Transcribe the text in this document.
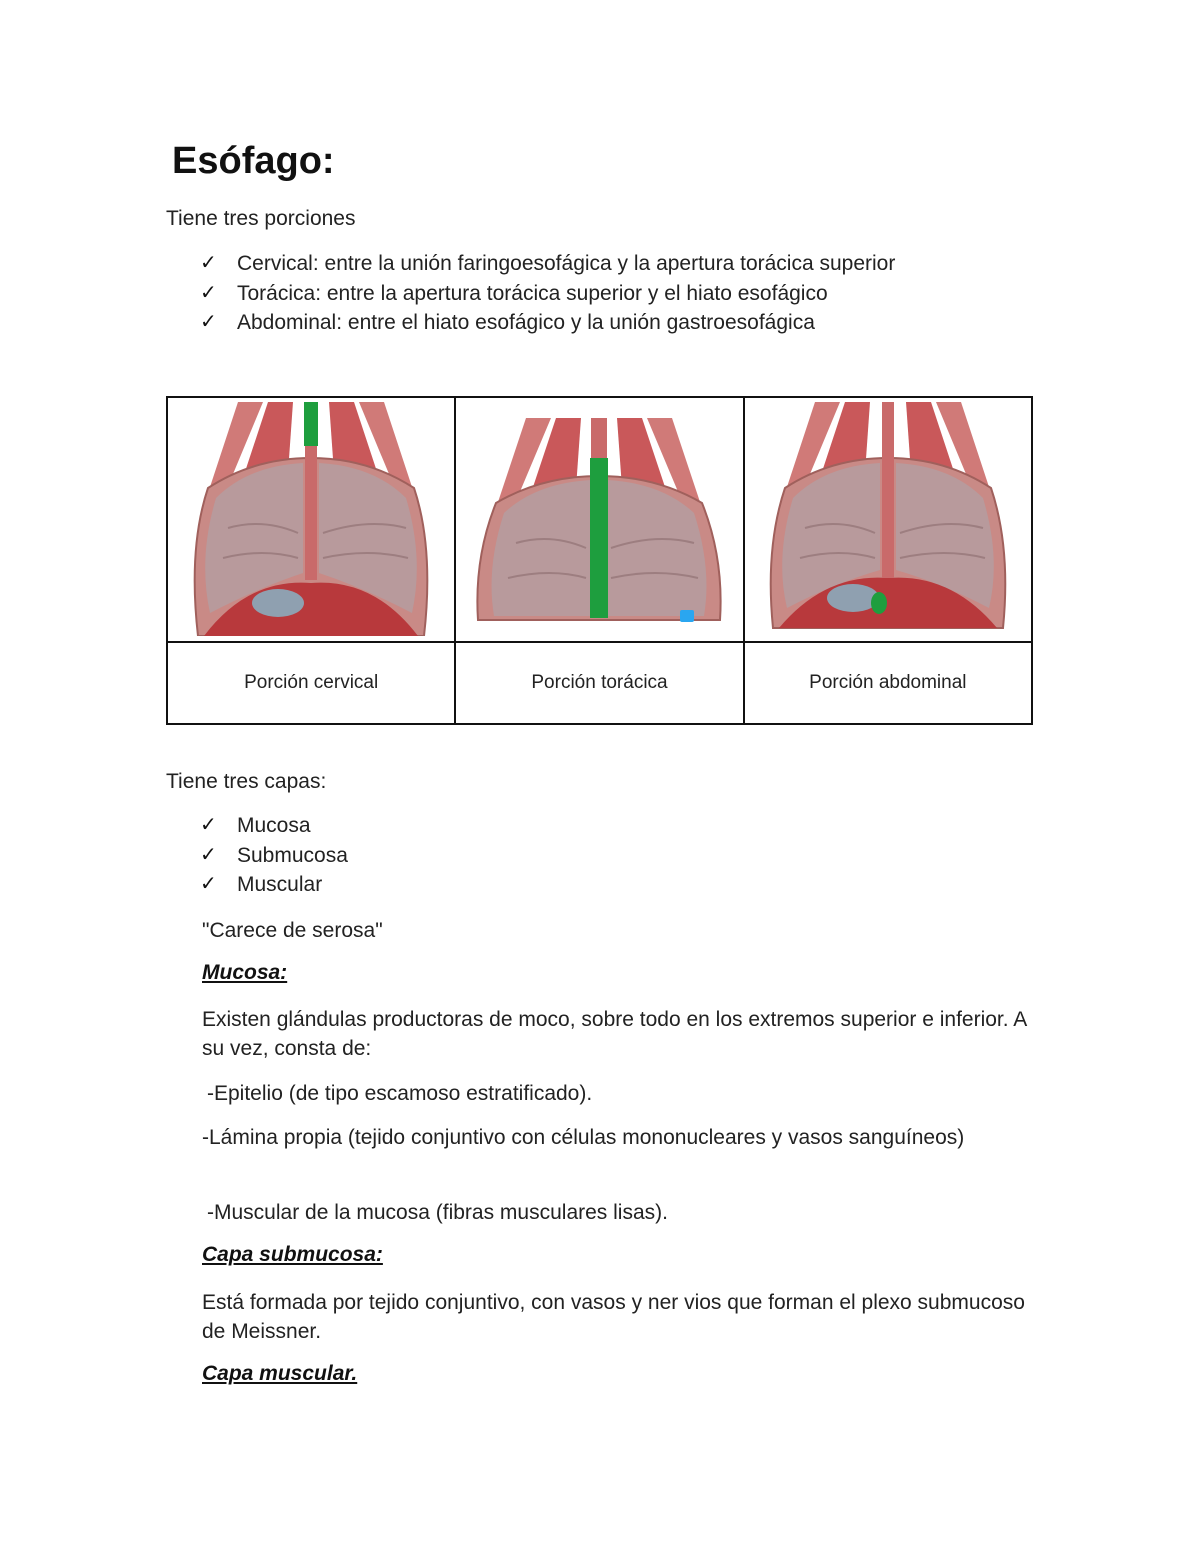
Esófago:
Tiene tres porciones
✓ Cervical: entre la unión faringoesofágica y la apertura torácica superior
✓ Torácica: entre la apertura torácica superior y el hiato esofágico
✓ Abdominal: entre el hiato esofágico y la unión gastroesofágica

Porción cervical	Porción torácica	Porción abdominal
Tiene tres capas:
✓ Mucosa
✓ Submucosa
✓ Muscular
"Carece de serosa"
Mucosa:
Existen glándulas productoras de moco, sobre todo en los extremos superior e inferior. A su vez, consta de:
-Epitelio (de tipo escamoso estratificado).
-Lámina propia (tejido conjuntivo con células mononucleares y vasos sanguíneos)
-Muscular de la mucosa (fibras musculares lisas).
Capa submucosa:
Está formada por tejido conjuntivo, con vasos y ner vios que forman el plexo submucoso de Meissner.
Capa muscular.
